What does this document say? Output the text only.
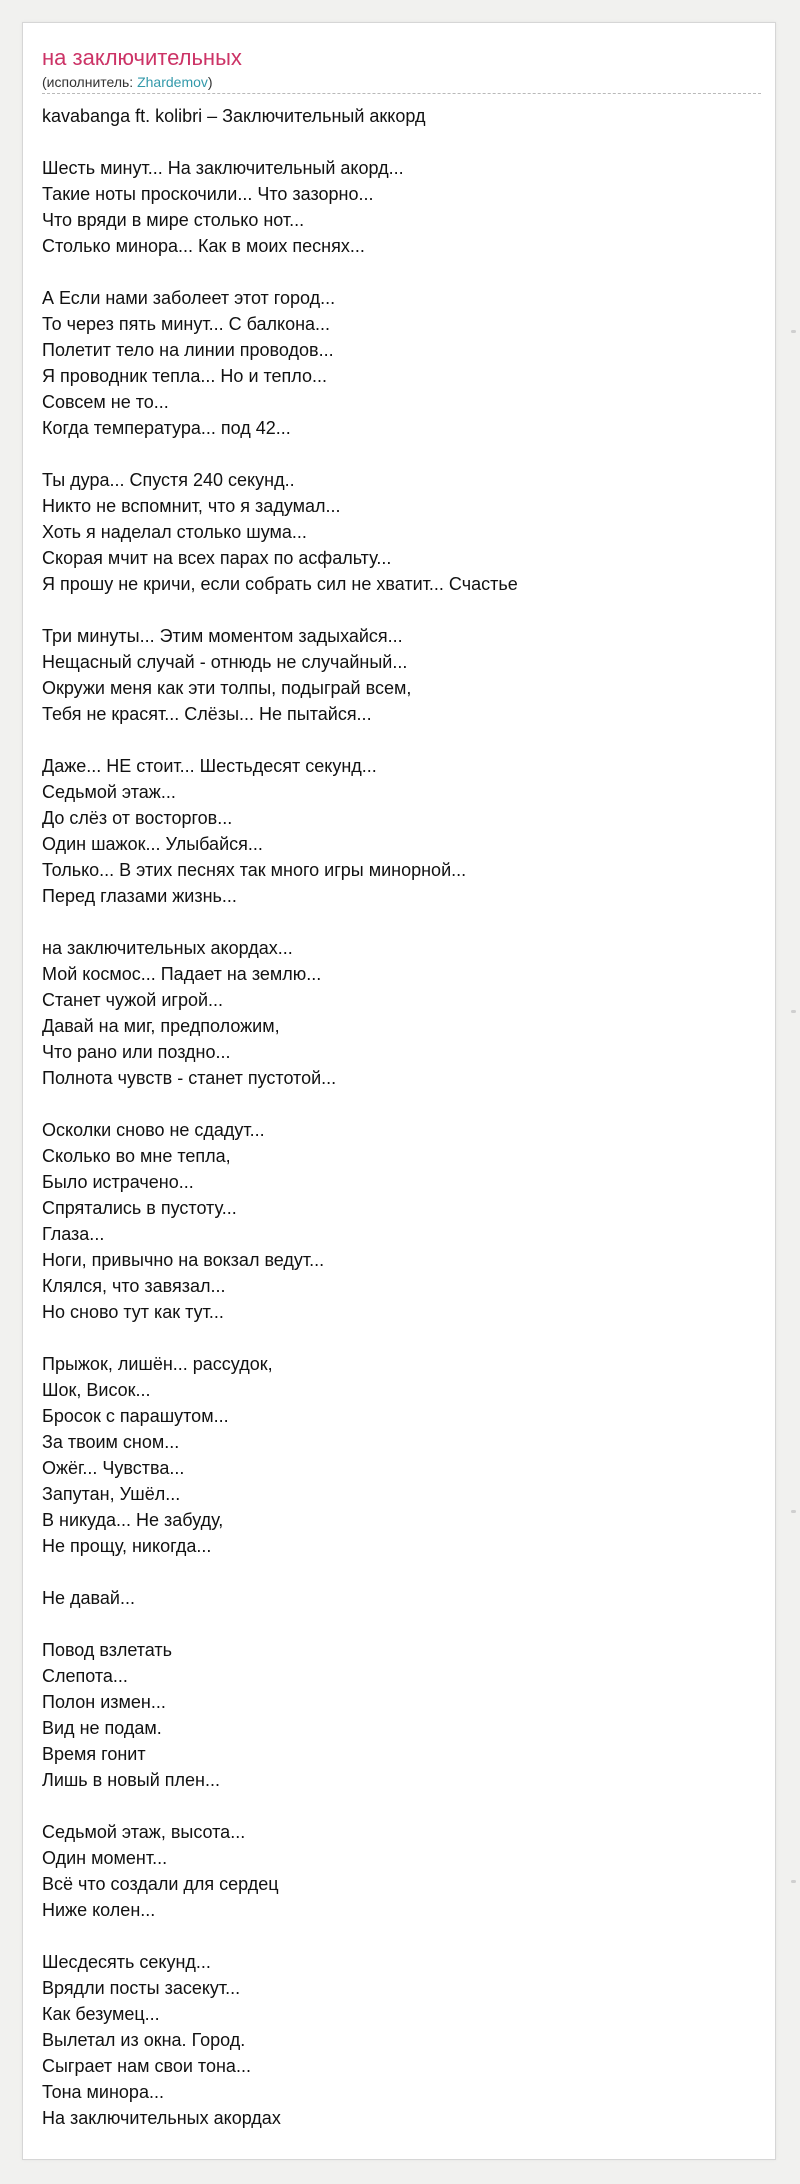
на заключительных
(исполнитель: Zhardemov)
kavabanga ft. kolibri – Заключительный аккорд
Шесть минут... На заключительный акорд...
Такие ноты проскочили... Что зазорно...
Что вряди в мире столько нот...
Столько минора... Как в моих песнях...
А Если нами заболеет этот город...
То через пять минут... С балкона...
Полетит тело на линии проводов...
Я проводник тепла... Но и тепло...
Совсем не то...
Когда температура... под 42...
Ты дура... Спустя 240 секунд..
Никто не вспомнит, что я задумал...
Хоть я наделал столько шума...
Скорая мчит на всех парах по асфальту...
Я прошу не кричи, если собрать сил не хватит... Счастье
Три минуты... Этим моментом задыхайся...
Нещасный случай - отнюдь не случайный...
Окружи меня как эти толпы, подыграй всем,
Тебя не красят... Слёзы... Не пытайся...
Даже... НЕ стоит... Шестьдесят секунд...
Седьмой этаж...
До слёз от восторгов...
Один шажок... Улыбайся...
Только... В этих песнях так много игры минорной...
Перед глазами жизнь...
на заключительных акордах...
Мой космос... Падает на землю...
Станет чужой игрой...
Давай на миг, предположим,
Что рано или поздно...
Полнота чувств - станет пустотой...
Осколки сново не сдадут...
Сколько во мне тепла,
Было истрачено...
Спрятались в пустоту...
Глаза...
Ноги, привычно на вокзал ведут...
Клялся, что завязал...
Но сново тут как тут...
Прыжок, лишён... рассудок,
Шок, Висок...
Бросок с парашутом...
За твоим сном...
Ожёг... Чувства...
Запутан, Ушёл...
В никуда... Не забуду,
Не прощу, никогда...
Не давай...
Повод взлетать
Слепота...
Полон измен...
Вид не подам.
Время гонит
Лишь в новый плен...
Седьмой этаж, высота...
Один момент...
Всё что создали для сердец
Ниже колен...
Шесдесять секунд...
Врядли посты засекут...
Как безумец...
Вылетал из окна. Город.
Сыграет нам свои тона...
Тона минора...
На заключительных акордах
